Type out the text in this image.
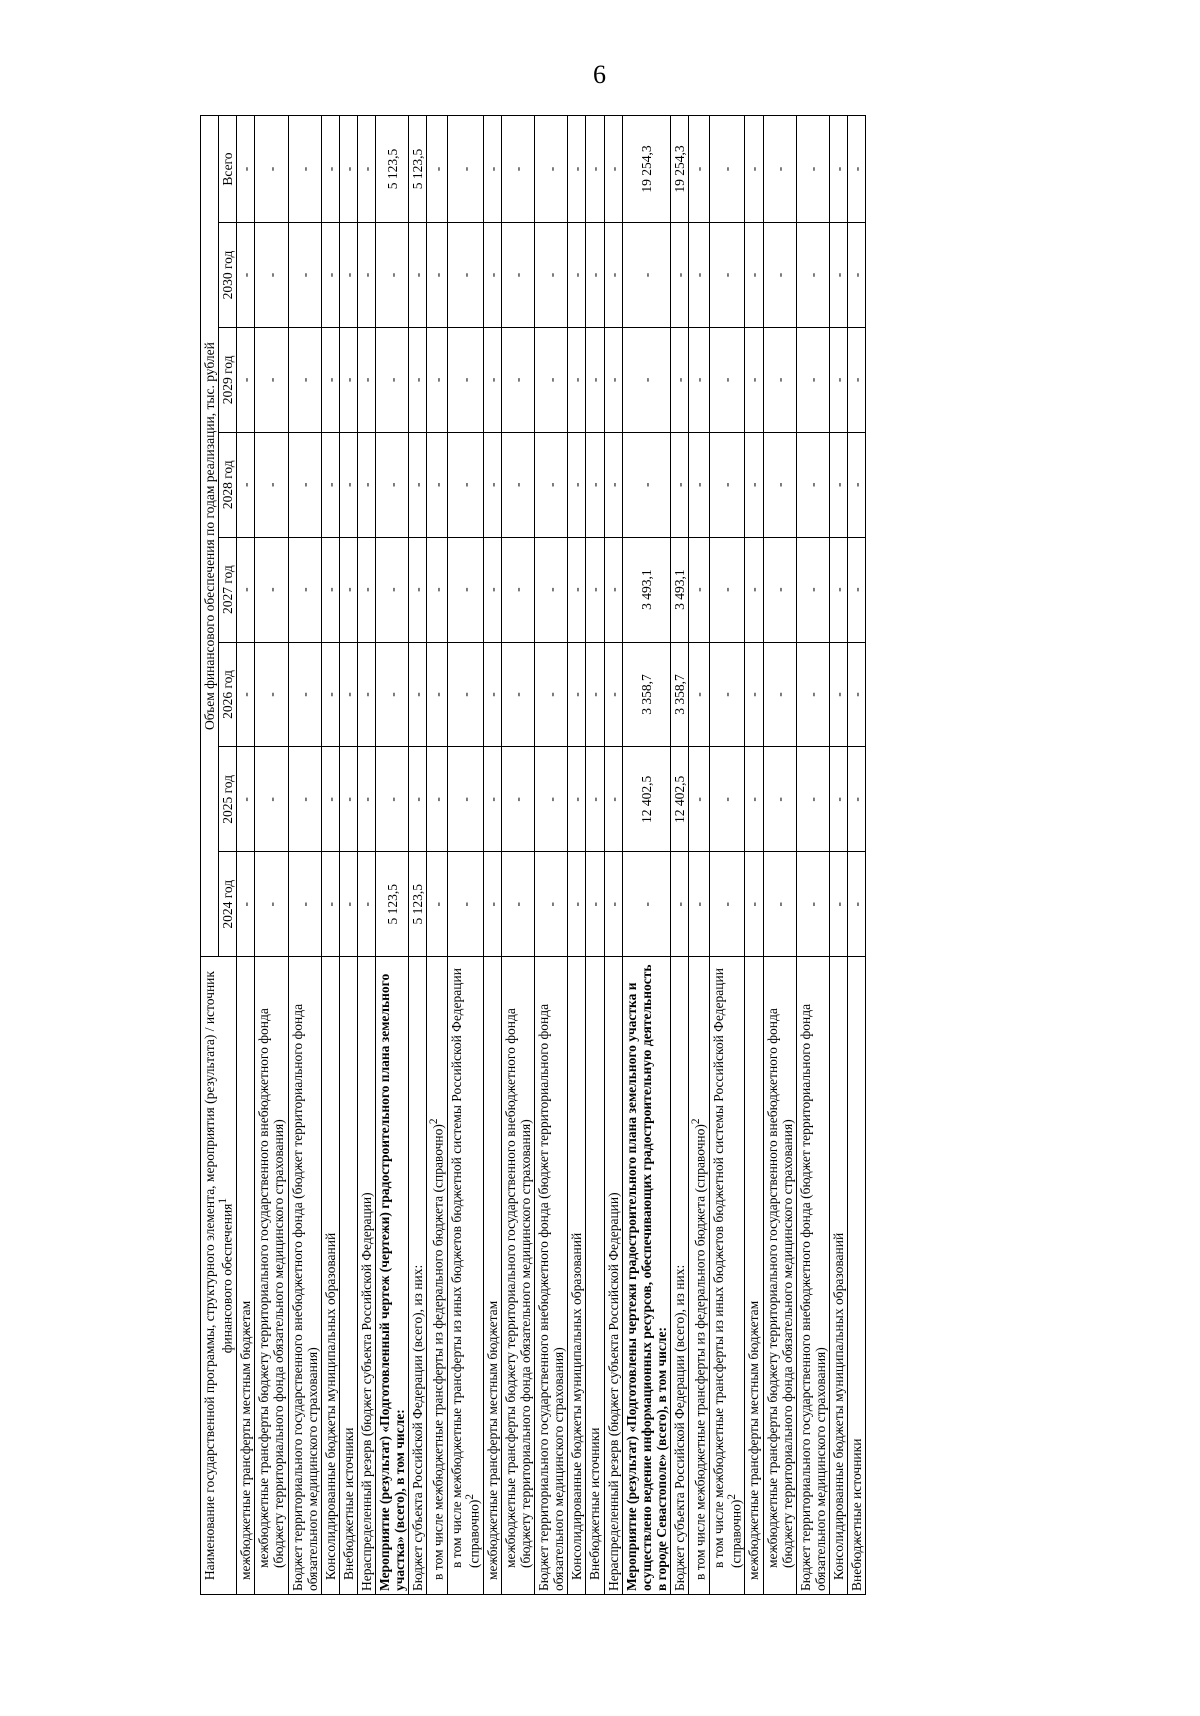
6
Наименование государственной программы, структурного элемента, мероприятия (результата) / источник финансового обеспечения$^1$	Объем финансового обеспечения по годам реализации, тыс. рублей							
	2024 год	2025 год	2026 год	2027 год	2028 год	2029 год	2030 год	Всего
межбюджетные трансферты местным бюджетам	-	-	-	-	-	-	-	-
межбюджетные трансферты бюджету территориального государственного внебюджетного фонда (бюджету территориального фонда обязательного медицинского страхования)	-	-	-	-	-	-	-	-
Бюджет территориального государственного внебюджетного фонда (бюджет территориального фонда обязательного медицинского страхования)	-	-	-	-	-	-	-	-
Консолидированные бюджеты муниципальных образований	-	-	-	-	-	-	-	-
Внебюджетные источники	-	-	-	-	-	-	-	-
Нераспределенный резерв (бюджет субъекта Российской Федерации)	-	-	-	-	-	-	-	-
Мероприятие (результат) «Подготовленный чертеж (чертежи) градостроительного плана земельного участка» (всего), в том числе:	5 123,5	-	-	-	-	-	-	5 123,5
Бюджет субъекта Российской Федерации (всего), из них:	5 123,5	-	-	-	-	-	-	5 123,5
в том числе межбюджетные трансферты из федерального бюджета (справочно)$^2$	-	-	-	-	-	-	-	-
в том числе межбюджетные трансферты из иных бюджетов бюджетной системы Российской Федерации (справочно)$^2$	-	-	-	-	-	-	-	-
межбюджетные трансферты местным бюджетам	-	-	-	-	-	-	-	-
межбюджетные трансферты бюджету территориального государственного внебюджетного фонда (бюджету территориального фонда обязательного медицинского страхования)	-	-	-	-	-	-	-	-
Бюджет территориального государственного внебюджетного фонда (бюджет территориального фонда обязательного медицинского страхования)	-	-	-	-	-	-	-	-
Консолидированные бюджеты муниципальных образований	-	-	-	-	-	-	-	-
Внебюджетные источники	-	-	-	-	-	-	-	-
Нераспределенный резерв (бюджет субъекта Российской Федерации)	-	-	-	-	-	-	-	-
Мероприятие (результат) «Подготовлены чертежи градостроительного плана земельного участка и осуществлено ведение информационных ресурсов, обеспечивающих градостроительную деятельность в городе Севастополе» (всего), в том числе:	-	12 402,5	3 358,7	3 493,1	-	-	-	19 254,3
Бюджет субъекта Российской Федерации (всего), из них:	-	12 402,5	3 358,7	3 493,1	-	-	-	19 254,3
в том числе межбюджетные трансферты из федерального бюджета (справочно)$^2$	-	-	-	-	-	-	-	-
в том числе межбюджетные трансферты из иных бюджетов бюджетной системы Российской Федерации (справочно)$^2$	-	-	-	-	-	-	-	-
межбюджетные трансферты местным бюджетам	-	-	-	-	-	-	-	-
межбюджетные трансферты бюджету территориального государственного внебюджетного фонда (бюджету территориального фонда обязательного медицинского страхования)	-	-	-	-	-	-	-	-
Бюджет территориального государственного внебюджетного фонда (бюджет территориального фонда обязательного медицинского страхования)	-	-	-	-	-	-	-	-
Консолидированные бюджеты муниципальных образований	-	-	-	-	-	-	-	-
Внебюджетные источники	-	-	-	-	-	-	-	-
